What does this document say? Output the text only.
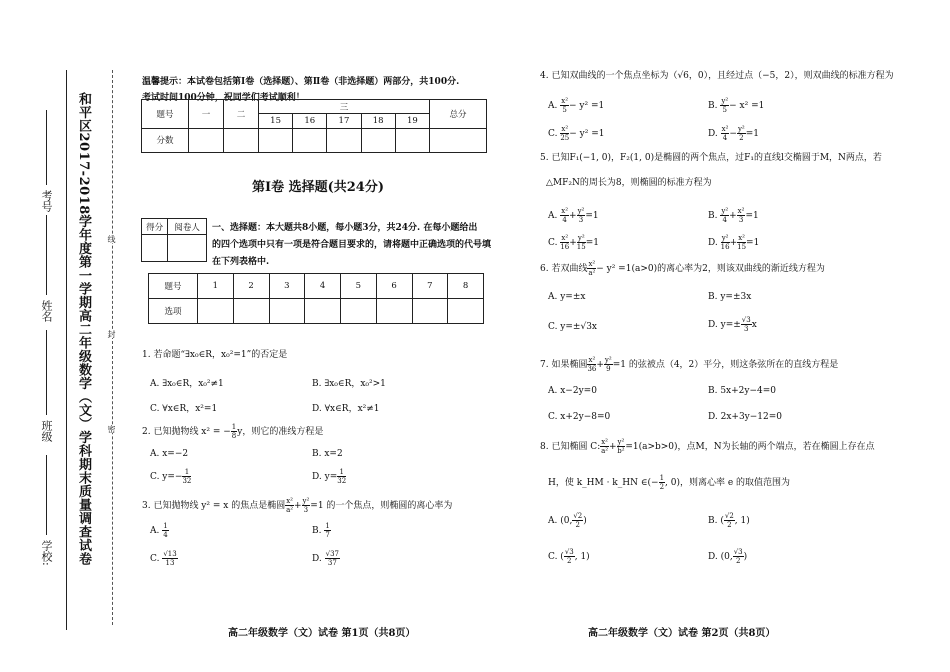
学校:
班级
姓名
考号 和平区2017-2018学年度第一学期高二年级数学（文）学科期末质量调查试卷 线
封
密
温馨提示：本试卷包括第Ⅰ卷（选择题）、第Ⅱ卷（非选择题）两部分，共100分.
考试时间100分钟，祝同学们考试顺利！
题号	一	二	三					总分
			15	16	17	18	19	
分数								
第Ⅰ卷 选择题(共24分)
得分	阅卷人
	一、选择题：本大题共8小题，每小题3分，共24分. 在每小题给出
的四个选项中只有一项是符合题目要求的，请将题中正确选项的代号填
在下列表格中.
题号	1	2	3	4	5	6	7	8
选项								
1. 若命题“∃x₀∈R，x₀²=1”的否定是
A. ∃x₀∈R，x₀²≠1	B. ∃x₀∈R，x₀²>1
C. ∀x∈R，x²=1	D. ∀x∈R，x²≠1
2. 已知抛物线 x² = − $\frac{1}{8}$ y，则它的准线方程是
A. x=−2	B. x=2
C. $y=- \frac{1}{32}$	D. $y= \frac{1}{32}$
3. 已知抛物线 y² = x 的焦点是椭圆 $\frac{\text{x²}}{\text{a²}} + \frac{\text{y²}}{3} =1$ 的一个焦点，则椭圆的离心率为
A. $\frac{1}{4}$	B. $\frac{1}{7}$
C. $\frac{√13}{13}$	D. $\frac{√37}{37}$
4. 已知双曲线的一个焦点坐标为（√6，0），且经过点（−5，2），则双曲线的标准方程为
A. $\frac{\text{x²}}{5} - y^2 =1$	B. $\frac{\text{y²}}{5} - x^2 =1$
C. $\frac{\text{x²}}{25} - y^2 =1$	D. $\frac{\text{x²}}{4} - \frac{\text{y²}}{2} =1$
5. 已知F₁(−1, 0)，F₂(1, 0)是椭圆的两个焦点，过F₁的直线l交椭圆于M，N两点，若
△MF₂N的周长为8，则椭圆的标准方程为
A. $\frac{\text{x²}}{4} + \frac{\text{y²}}{3} =1$	B. $\frac{\text{y²}}{4} + \frac{\text{x²}}{3} =1$
C. $\frac{\text{x²}}{16} + \frac{\text{y²}}{15} =1$	D. $\frac{\text{y²}}{16} + \frac{\text{x²}}{15} =1$
6. 若双曲线 $\frac{\text{x²}}{\text{a²}} - y^2 =1(a>0)$的离心率为2，则该双曲线的渐近线方程为
A. y=±x	B. y=±3x
C. y=±√3x	D. $y=\pm \frac{√3}{3}$ x
7. 如果椭圆 $\frac{\text{x²}}{36} + \frac{\text{y²}}{9} =1$ 的弦被点（4，2）平分，则这条弦所在的直线方程是
A. x−2y=0	B. 5x+2y−4=0
C. x+2y−8=0	D. 2x+3y−12=0
8. 已知椭圆 C: $\frac{\text{x²}}{\text{a²}} + \frac{\text{y²}}{\text{b²}} =1(a>b>0)$，点M，N为长轴的两个端点，若在椭圆上存在点
H，使 k_HM · k_HN ∈(− $\frac{1}{2}$ , 0)，则离心率 e 的取值范围为
A. (0, $\frac{√2}{2}$ )	B. ( $\frac{√2}{2}$ , 1)
C. ( $\frac{√3}{2}$ , 1)	D. (0, $\frac{√3}{2}$ )
高二年级数学（文）试卷 第1页（共8页）	高二年级数学（文）试卷 第2页（共8页）
